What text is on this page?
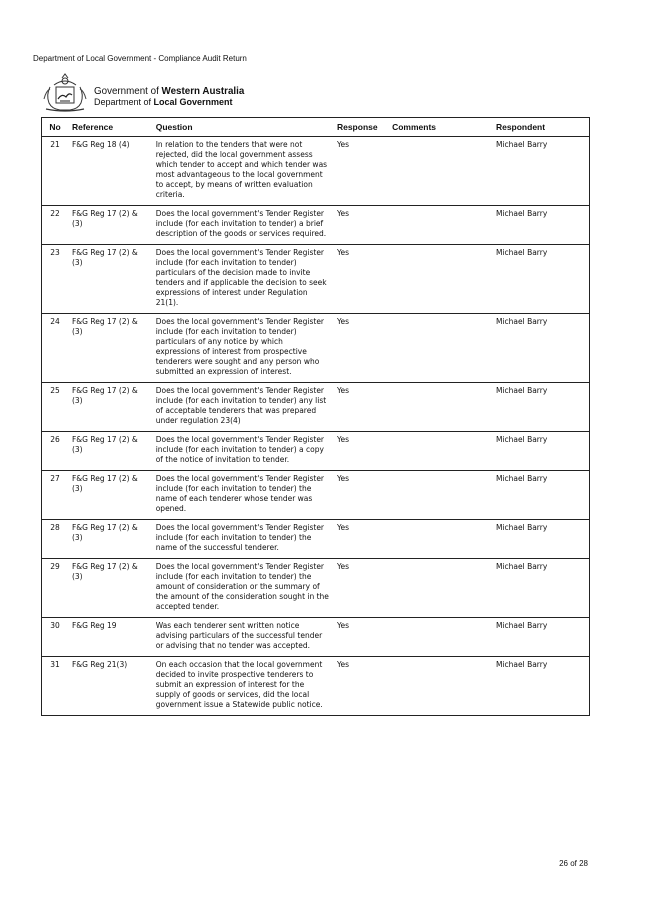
Department of Local Government - Compliance Audit Return
Government of Western Australia
Department of Local Government
No	Reference	Question	Response	Comments	Respondent
21	F&G Reg 18 (4)	In relation to the tenders that were not rejected, did the local government assess which tender to accept and which tender was most advantageous to the local government to accept, by means of written evaluation criteria.	Yes		Michael Barry
22	F&G Reg 17 (2) & (3)	Does the local government's Tender Register include (for each invitation to tender) a brief description of the goods or services required.	Yes		Michael Barry
23	F&G Reg 17 (2) & (3)	Does the local government's Tender Register include (for each invitation to tender) particulars of the decision made to invite tenders and if applicable the decision to seek expressions of interest under Regulation 21(1).	Yes		Michael Barry
24	F&G Reg 17 (2) & (3)	Does the local government's Tender Register include (for each invitation to tender) particulars of any notice by which expressions of interest from prospective tenderers were sought and any person who submitted an expression of interest.	Yes		Michael Barry
25	F&G Reg 17 (2) & (3)	Does the local government's Tender Register include (for each invitation to tender) any list of acceptable tenderers that was prepared under regulation 23(4)	Yes		Michael Barry
26	F&G Reg 17 (2) & (3)	Does the local government's Tender Register include (for each invitation to tender) a copy of the notice of invitation to tender.	Yes		Michael Barry
27	F&G Reg 17 (2) & (3)	Does the local government's Tender Register include (for each invitation to tender) the name of each tenderer whose tender was opened.	Yes		Michael Barry
28	F&G Reg 17 (2) & (3)	Does the local government's Tender Register include (for each invitation to tender) the name of the successful tenderer.	Yes		Michael Barry
29	F&G Reg 17 (2) & (3)	Does the local government's Tender Register include (for each invitation to tender) the amount of consideration or the summary of the amount of the consideration sought in the accepted tender.	Yes		Michael Barry
30	F&G Reg 19	Was each tenderer sent written notice advising particulars of the successful tender or advising that no tender was accepted.	Yes		Michael Barry
31	F&G Reg 21(3)	On each occasion that the local government decided to invite prospective tenderers to submit an expression of interest for the supply of goods or services, did the local government issue a Statewide public notice.	Yes		Michael Barry
26 of 28
